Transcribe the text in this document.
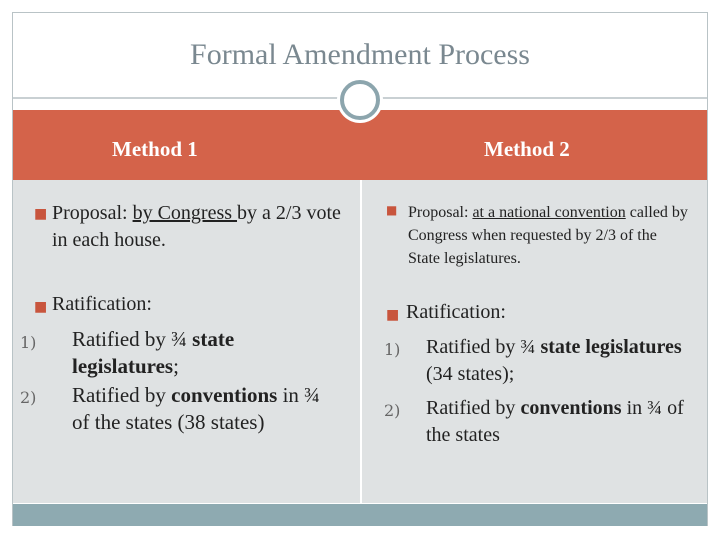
Formal Amendment Process
Method 1	Method 2
■ Proposal: by Congress by a 2/3 vote in each house.
■ Ratification:
1) Ratified by ¾ state legislatures;
2) Ratified by conventions in ¾ of the states (38 states)
■ Proposal: at a national convention called by Congress when requested by 2/3 of the State legislatures.
■ Ratification:
1) Ratified by ¾ state legislatures (34 states);
2) Ratified by conventions in ¾ of the states
